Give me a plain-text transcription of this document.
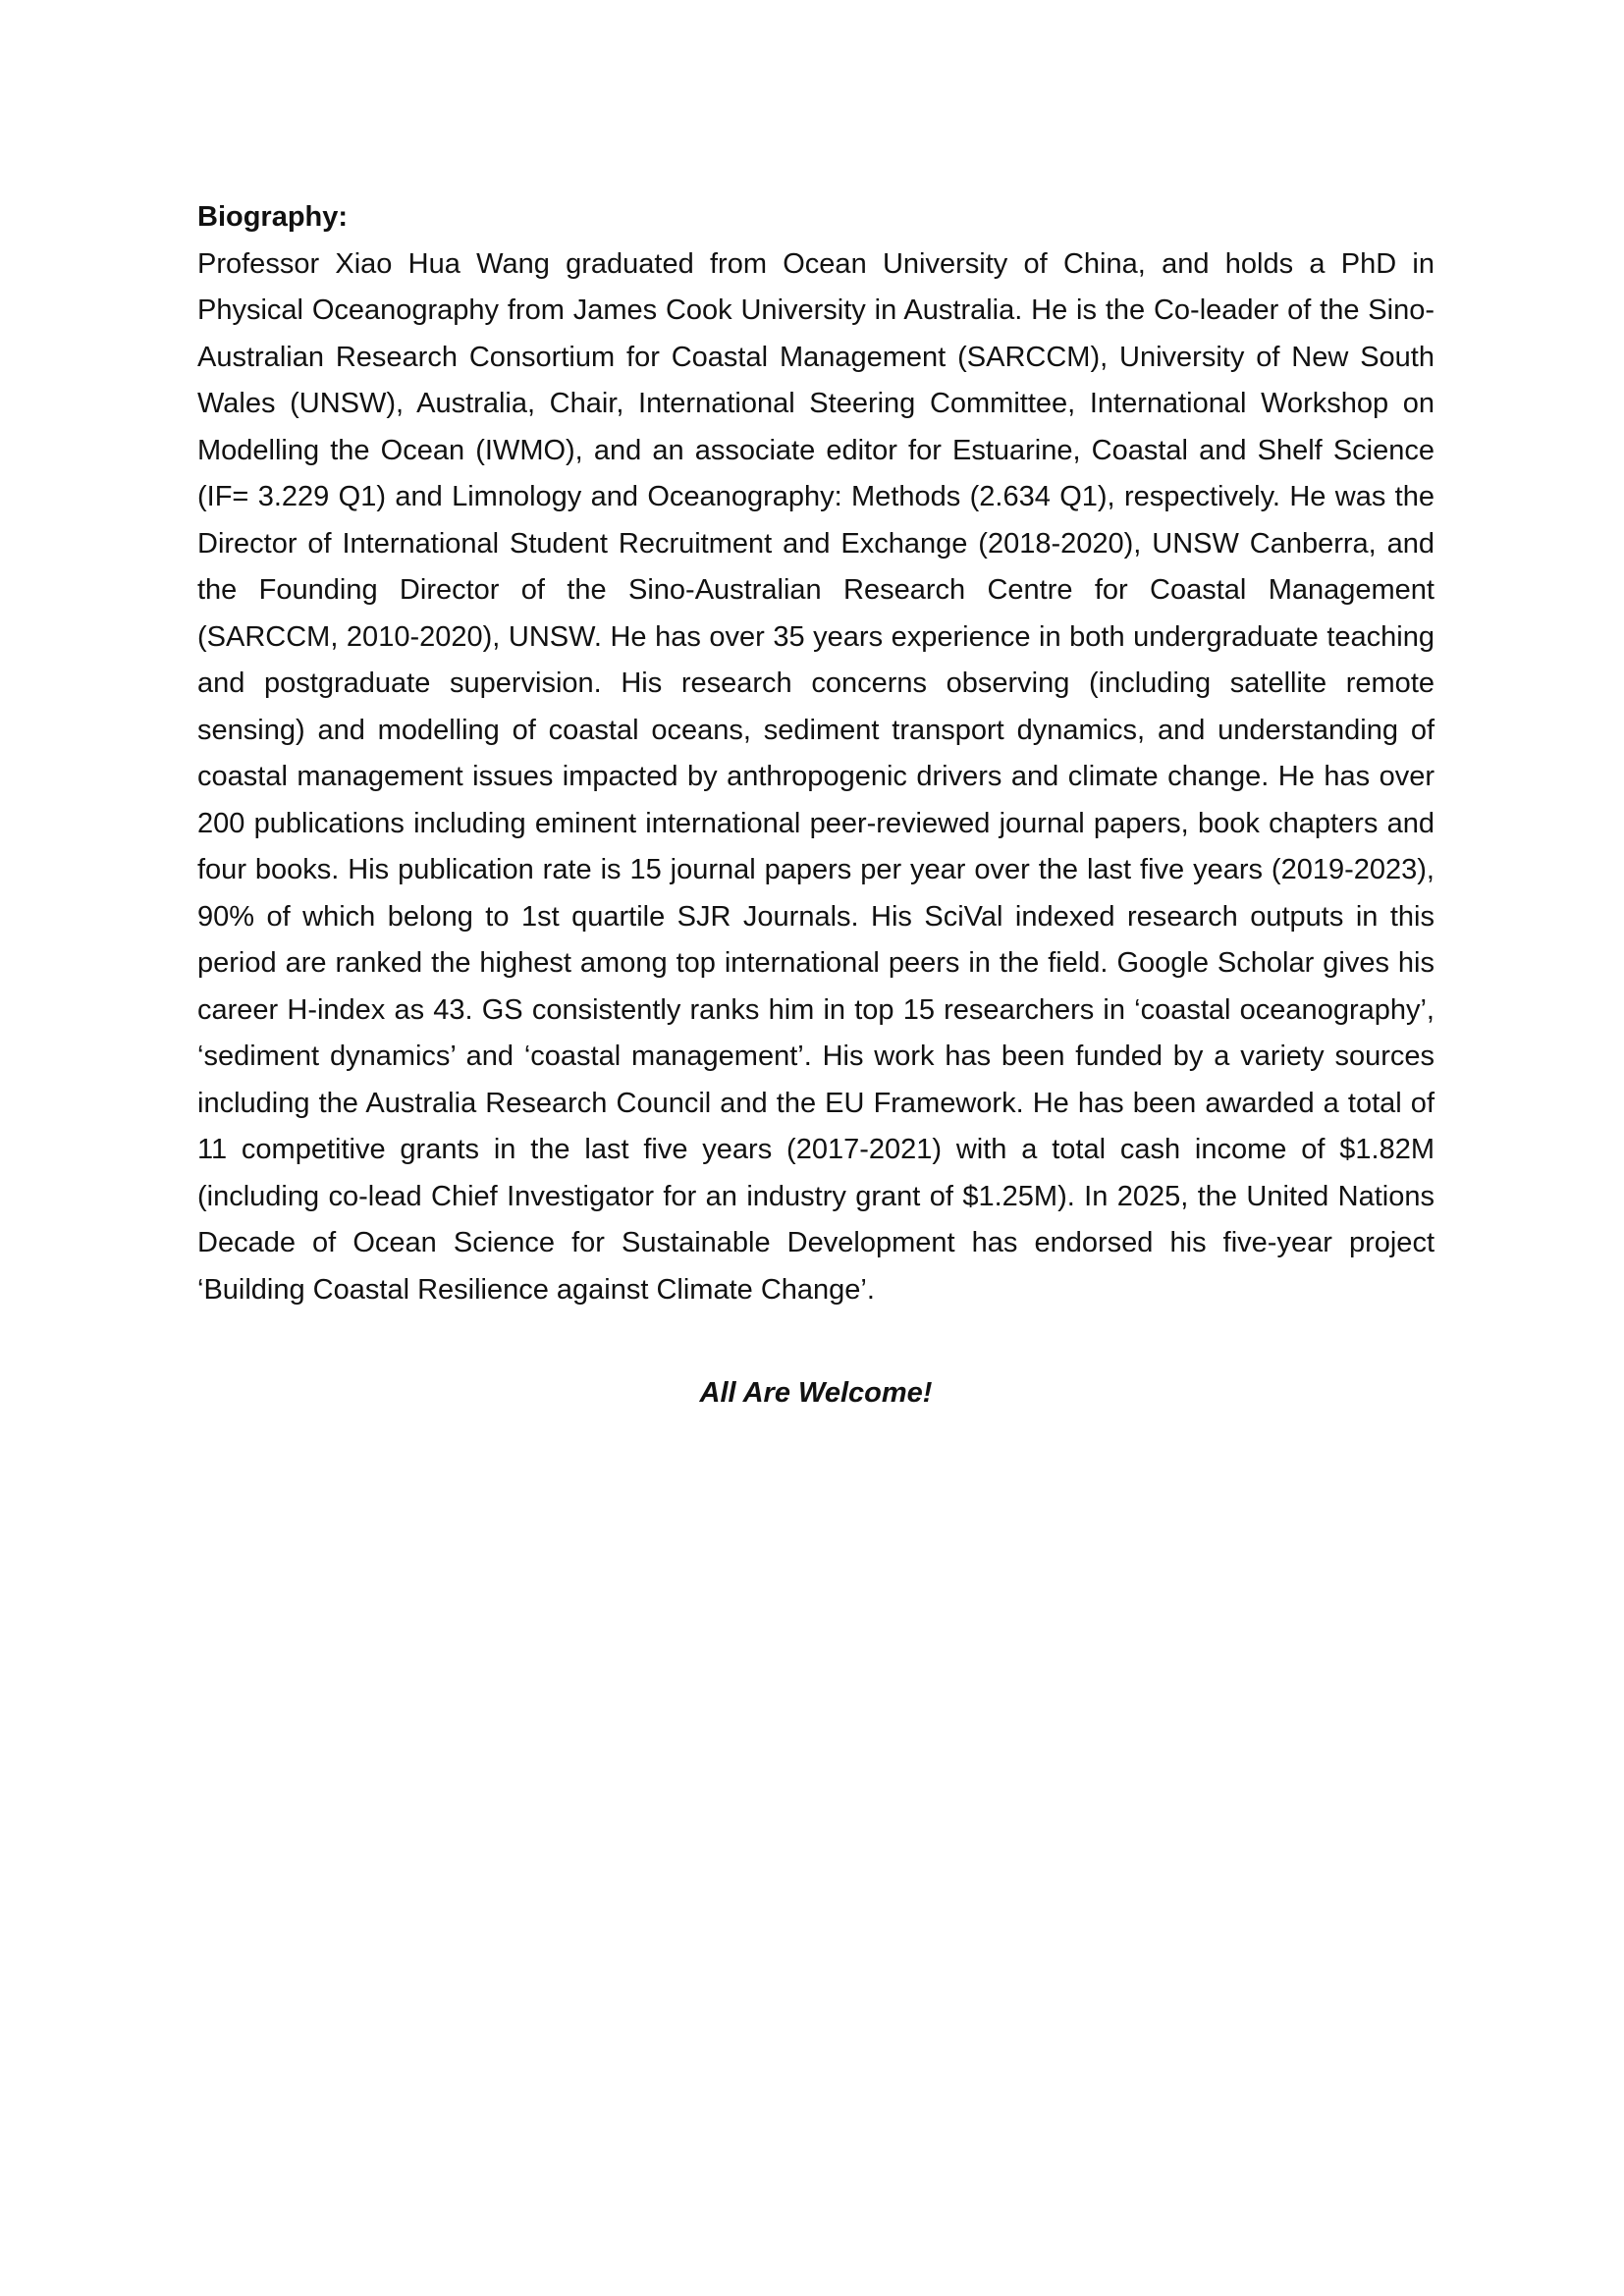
Biography:

Professor Xiao Hua Wang graduated from Ocean University of China, and holds a PhD in Physical Oceanography from James Cook University in Australia. He is the Co-leader of the Sino-Australian Research Consortium for Coastal Management (SARCCM), University of New South Wales (UNSW), Australia, Chair, International Steering Committee, International Workshop on Modelling the Ocean (IWMO), and an associate editor for Estuarine, Coastal and Shelf Science (IF= 3.229 Q1) and Limnology and Oceanography: Methods (2.634 Q1), respectively. He was the Director of International Student Recruitment and Exchange (2018-2020), UNSW Canberra, and the Founding Director of the Sino-Australian Research Centre for Coastal Management (SARCCM, 2010-2020), UNSW. He has over 35 years experience in both undergraduate teaching and postgraduate supervision. His research concerns observing (including satellite remote sensing) and modelling of coastal oceans, sediment transport dynamics, and understanding of coastal management issues impacted by anthropogenic drivers and climate change. He has over 200 publications including eminent international peer-reviewed journal papers, book chapters and four books. His publication rate is 15 journal papers per year over the last five years (2019-2023), 90% of which belong to 1st quartile SJR Journals. His SciVal indexed research outputs in this period are ranked the highest among top international peers in the field. Google Scholar gives his career H-index as 43. GS consistently ranks him in top 15 researchers in ‘coastal oceanography’, ‘sediment dynamics’ and ‘coastal management’. His work has been funded by a variety sources including the Australia Research Council and the EU Framework. He has been awarded a total of 11 competitive grants in the last five years (2017-2021) with a total cash income of $1.82M (including co-lead Chief Investigator for an industry grant of $1.25M). In 2025, the United Nations Decade of Ocean Science for Sustainable Development has endorsed his five-year project ‘Building Coastal Resilience against Climate Change’.

All Are Welcome!
